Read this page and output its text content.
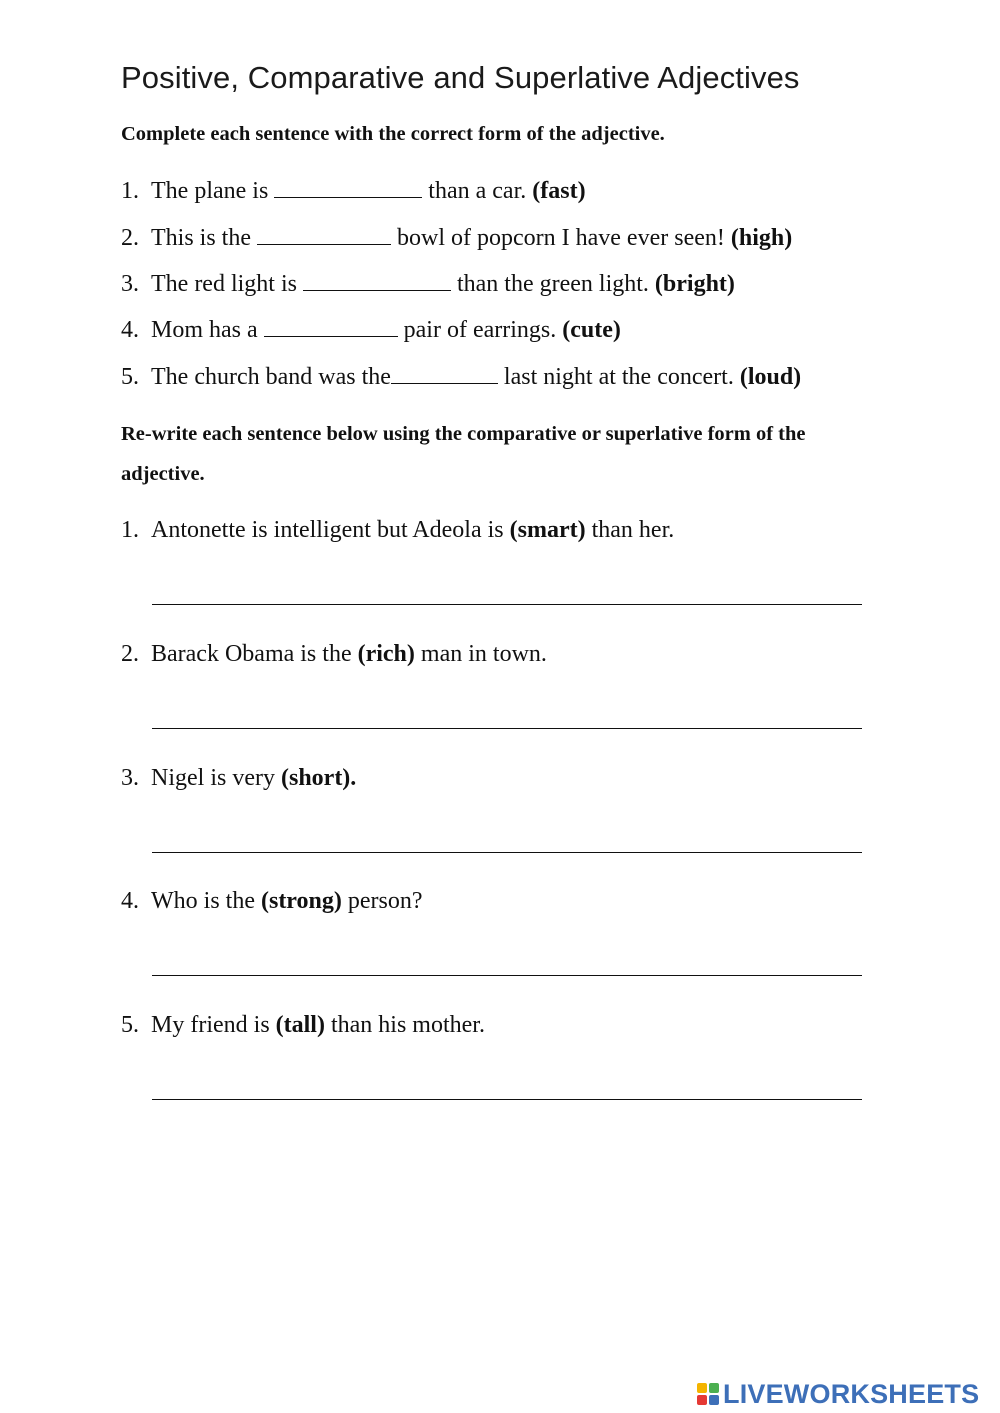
Positive, Comparative and Superlative Adjectives
Complete each sentence with the correct form of the adjective.
1. The plane is	than a car. (fast)
2. This is the	bowl of popcorn I have ever seen! (high)
3. The red light is	than the green light. (bright)
4. Mom has a	pair of earrings. (cute)
5. The church band was the	last night at the concert. (loud)
Re-write each sentence below using the comparative or superlative form of the adjective.
1. Antonette is intelligent but Adeola is (smart) than her.
2. Barack Obama is the (rich) man in town.
3. Nigel is very (short).
4. Who is the (strong) person?
5. My friend is (tall) than his mother.
LIVEWORKSHEETS
